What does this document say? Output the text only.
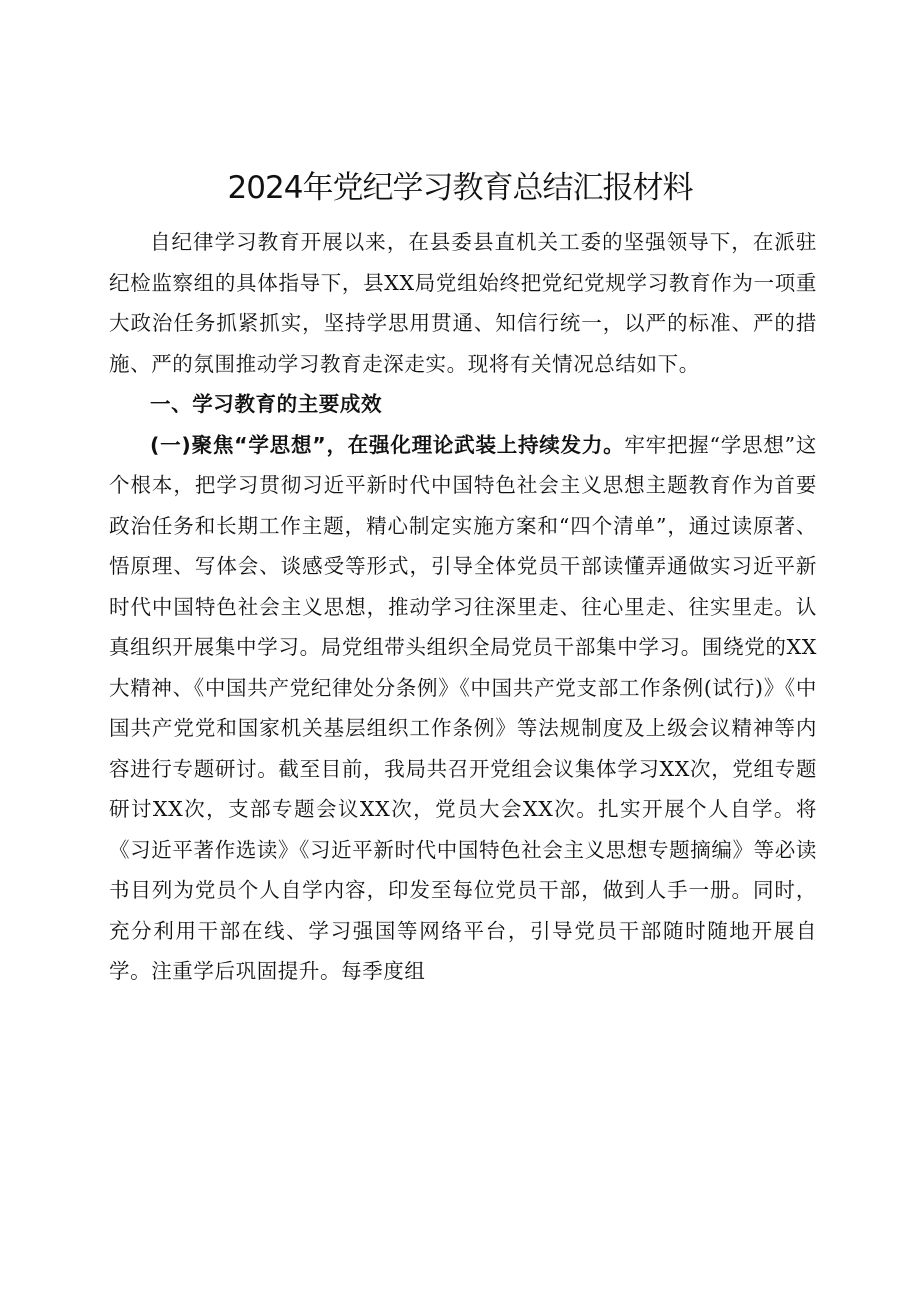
2024年党纪学习教育总结汇报材料

自纪律学习教育开展以来，在县委县直机关工委的坚强领导下，在派驻纪检监察组的具体指导下，县XX局党组始终把党纪党规学习教育作为一项重大政治任务抓紧抓实，坚持学思用贯通、知信行统一，以严的标准、严的措施、严的氛围推动学习教育走深走实。现将有关情况总结如下。

一、学习教育的主要成效

(一)聚焦“学思想”，在强化理论武装上持续发力。牢牢把握“学思想”这个根本，把学习贯彻习近平新时代中国特色社会主义思想主题教育作为首要政治任务和长期工作主题，精心制定实施方案和“四个清单”，通过读原著、悟原理、写体会、谈感受等形式，引导全体党员干部读懂弄通做实习近平新时代中国特色社会主义思想，推动学习往深里走、往心里走、往实里走。认真组织开展集中学习。局党组带头组织全局党员干部集中学习。围绕党的XX大精神、《中国共产党纪律处分条例》《中国共产党支部工作条例(试行)》《中国共产党党和国家机关基层组织工作条例》等法规制度及上级会议精神等内容进行专题研讨。截至目前，我局共召开党组会议集体学习XX次，党组专题研讨XX次，支部专题会议XX次，党员大会XX次。扎实开展个人自学。将《习近平著作选读》《习近平新时代中国特色社会主义思想专题摘编》等必读书目列为党员个人自学内容，印发至每位党员干部，做到人手一册。同时，充分利用干部在线、学习强国等网络平台，引导党员干部随时随地开展自学。注重学后巩固提升。每季度组
